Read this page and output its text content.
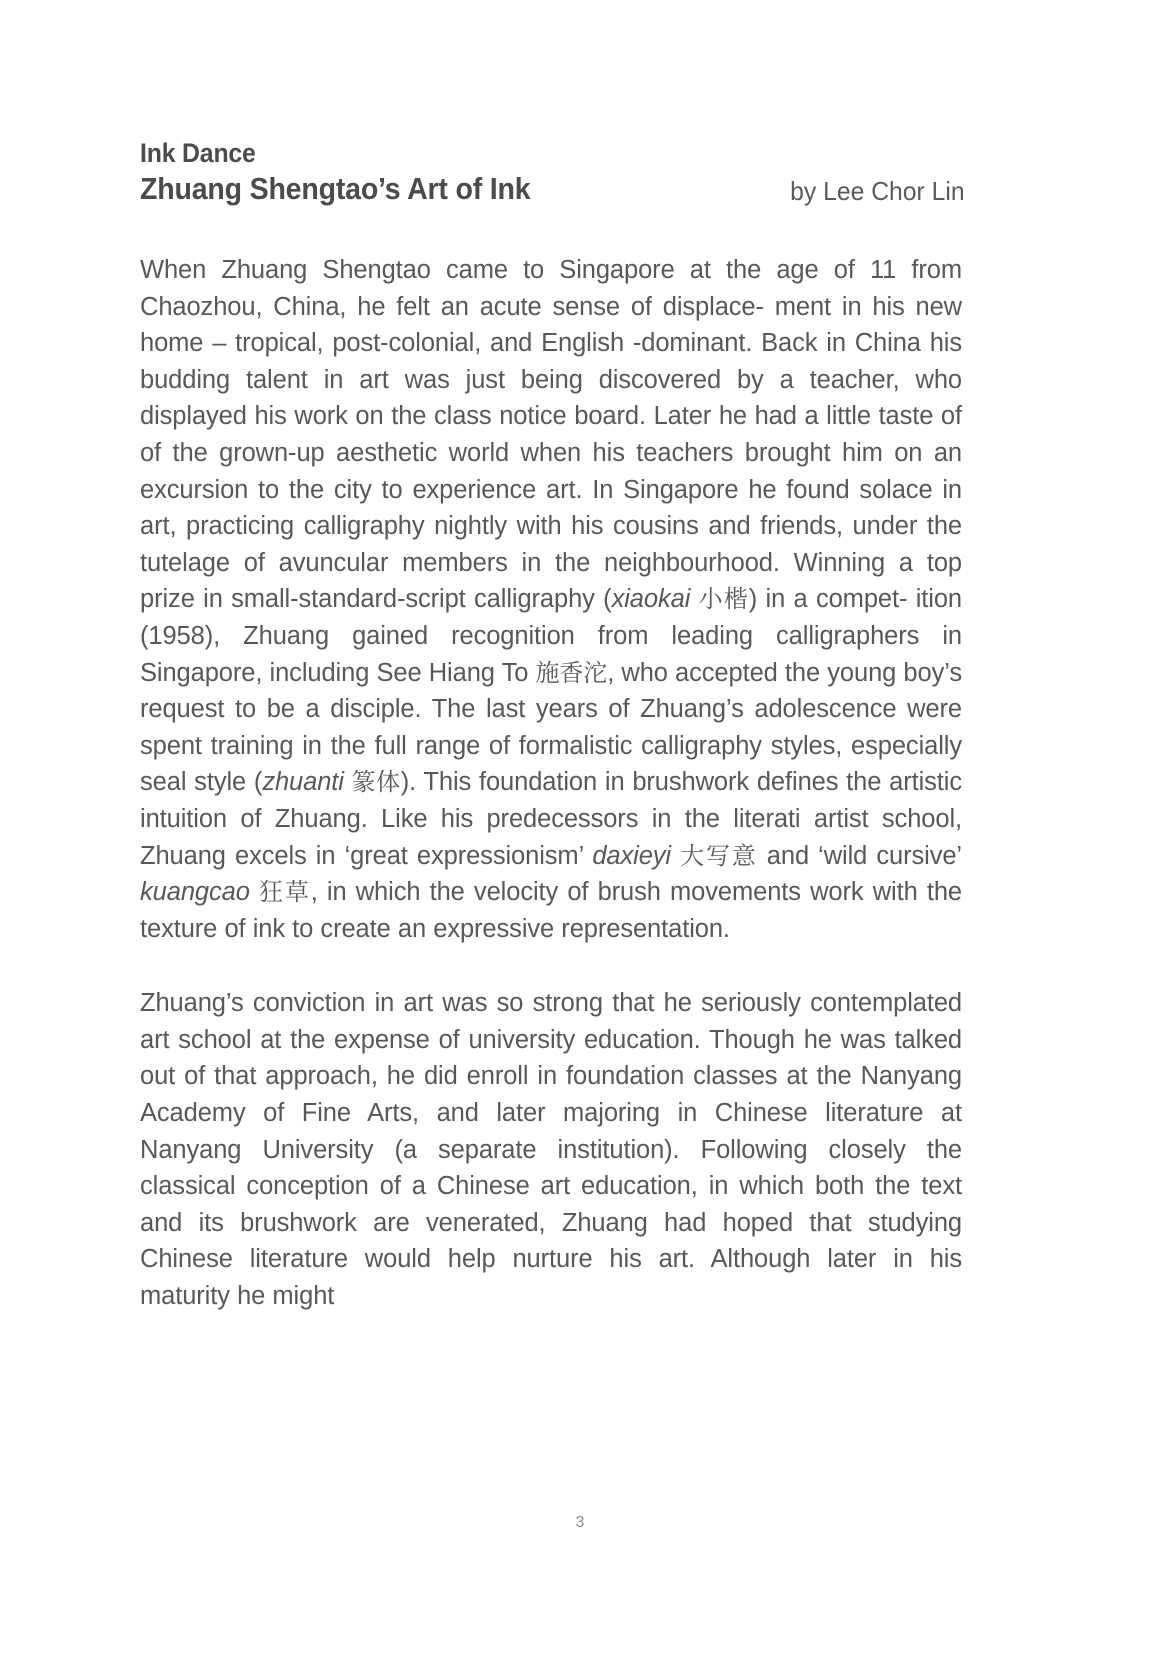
Ink Dance
Zhuang Shengtao’s Art of Ink	by Lee Chor Lin

When Zhuang Shengtao came to Singapore at the age of 11 from Chaozhou, China, he felt an acute sense of displace- ment in his new home – tropical, post-colonial, and English -dominant. Back in China his budding talent in art was just being discovered by a teacher, who displayed his work on the class notice board. Later he had a little taste of of the grown-up aesthetic world when his teachers brought him on an excursion to the city to experience art. In Singapore he found solace in art, practicing calligraphy nightly with his cousins and friends, under the tutelage of avuncular members in the neighbourhood. Winning a top prize in small-standard-script calligraphy (xiaokai 小楷) in a compet- ition (1958), Zhuang gained recognition from leading calligraphers in Singapore, including See Hiang To 施香沱, who accepted the young boy’s request to be a disciple. The last years of Zhuang’s adolescence were spent training in the full range of formalistic calligraphy styles, especially seal style (zhuanti 篆体). This foundation in brushwork defines the artistic intuition of Zhuang. Like his predecessors in the literati artist school, Zhuang excels in ‘great expressionism’ daxieyi 大写意 and ‘wild cursive’ kuangcao 狂草, in which the velocity of brush movements work with the texture of ink to create an expressive representation.

Zhuang’s conviction in art was so strong that he seriously contemplated art school at the expense of university education. Though he was talked out of that approach, he did enroll in foundation classes at the Nanyang Academy of Fine Arts, and later majoring in Chinese literature at Nanyang University (a separate institution). Following closely the classical conception of a Chinese art education, in which both the text and its brushwork are venerated, Zhuang had hoped that studying Chinese literature would help nurture his art. Although later in his maturity he might

3
